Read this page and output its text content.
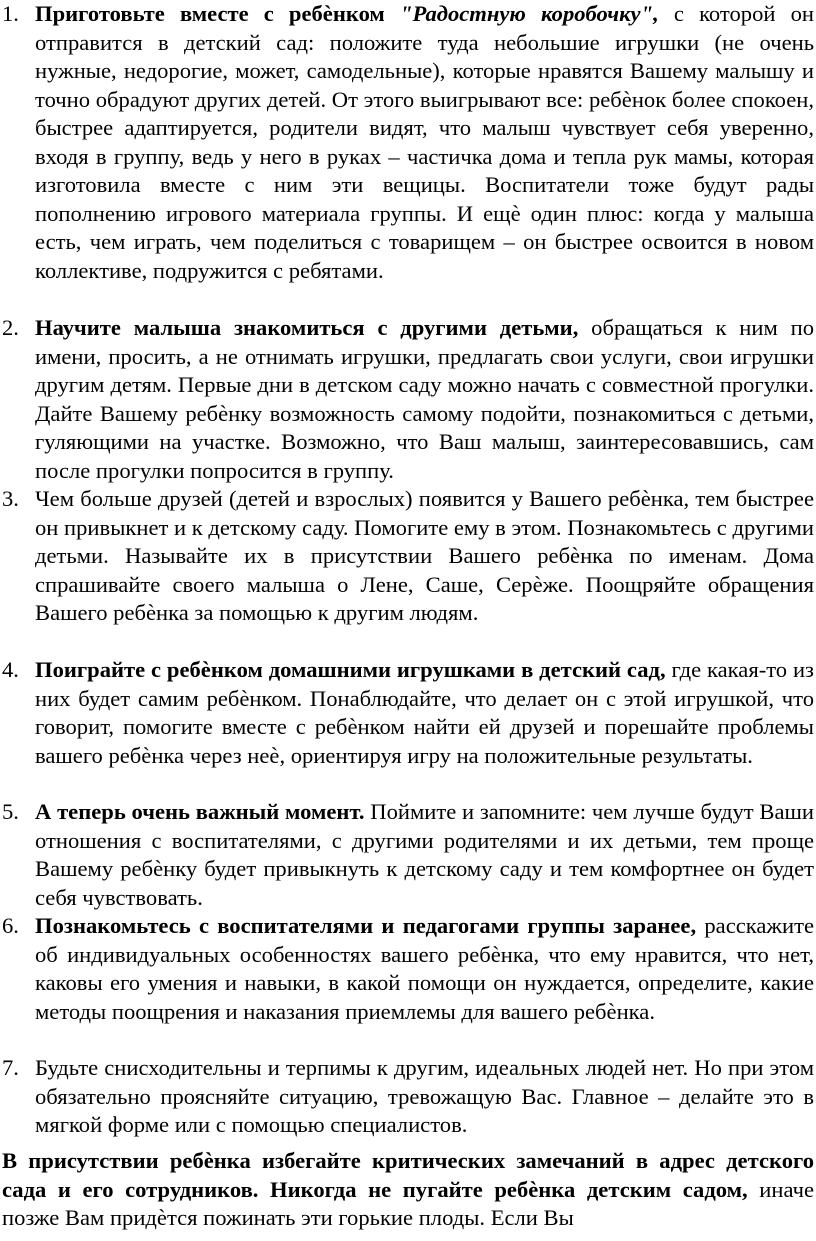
1. Приготовьте вместе с ребѐнком "Радостную коробочку", с которой он отправится в детский сад: положите туда небольшие игрушки (не очень нужные, недорогие, может, самодельные), которые нравятся Вашему малышу и точно обрадуют других детей. От этого выигрывают все: ребѐнок более спокоен, быстрее адаптируется, родители видят, что малыш чувствует себя уверенно, входя в группу, ведь у него в руках – частичка дома и тепла рук мамы, которая изготовила вместе с ним эти вещицы. Воспитатели тоже будут рады пополнению игрового материала группы. И ещѐ один плюс: когда у малыша есть, чем играть, чем поделиться с товарищем – он быстрее освоится в новом коллективе, подружится с ребятами.
2. Научите малыша знакомиться с другими детьми, обращаться к ним по имени, просить, а не отнимать игрушки, предлагать свои услуги, свои игрушки другим детям. Первые дни в детском саду можно начать с совместной прогулки. Дайте Вашему ребѐнку возможность самому подойти, познакомиться с детьми, гуляющими на участке. Возможно, что Ваш малыш, заинтересовавшись, сам после прогулки попросится в группу.
3. Чем больше друзей (детей и взрослых) появится у Вашего ребѐнка, тем быстрее он привыкнет и к детскому саду. Помогите ему в этом. Познакомьтесь с другими детьми. Называйте их в присутствии Вашего ребѐнка по именам. Дома спрашивайте своего малыша о Лене, Саше, Серѐже. Поощряйте обращения Вашего ребѐнка за помощью к другим людям.
4. Поиграйте с ребѐнком домашними игрушками в детский сад, где какая-то из них будет самим ребѐнком. Понаблюдайте, что делает он с этой игрушкой, что говорит, помогите вместе с ребѐнком найти ей друзей и порешайте проблемы вашего ребѐнка через неѐ, ориентируя игру на положительные результаты.
5. А теперь очень важный момент. Поймите и запомните: чем лучше будут Ваши отношения с воспитателями, с другими родителями и их детьми, тем проще Вашему ребѐнку будет привыкнуть к детскому саду и тем комфортнее он будет себя чувствовать.
6. Познакомьтесь с воспитателями и педагогами группы заранее, расскажите об индивидуальных особенностях вашего ребѐнка, что ему нравится, что нет, каковы его умения и навыки, в какой помощи он нуждается, определите, какие методы поощрения и наказания приемлемы для вашего ребѐнка.
7. Будьте снисходительны и терпимы к другим, идеальных людей нет. Но при этом обязательно проясняйте ситуацию, тревожащую Вас. Главное – делайте это в мягкой форме или с помощью специалистов.

В присутствии ребѐнка избегайте критических замечаний в адрес детского сада и его сотрудников. Никогда не пугайте ребѐнка детским садом, иначе позже Вам придѐтся пожинать эти горькие плоды. Если Вы
